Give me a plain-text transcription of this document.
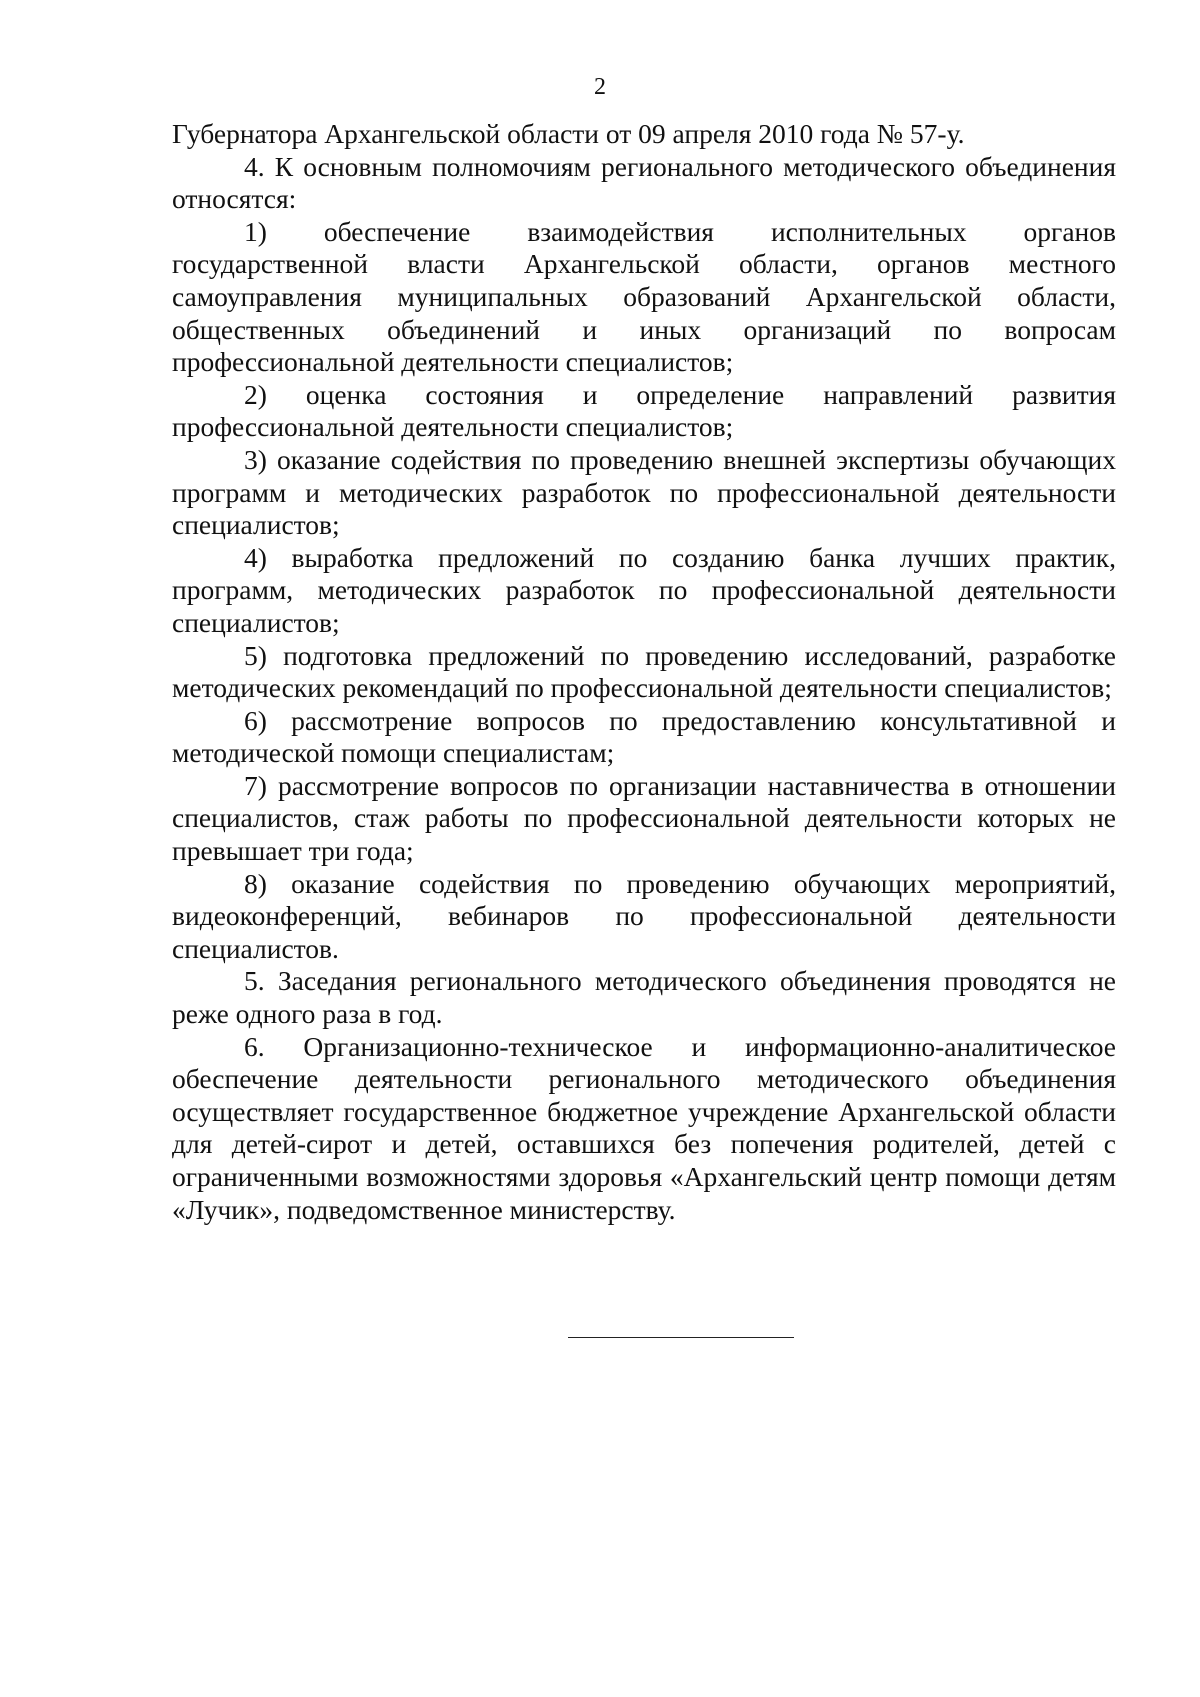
2

Губернатора Архангельской области от 09 апреля 2010 года № 57-у.

4. К основным полномочиям регионального методического объединения относятся:

1) обеспечение взаимодействия исполнительных органов государственной власти Архангельской области, органов местного самоуправления муниципальных образований Архангельской области, общественных объединений и иных организаций по вопросам профессиональной деятельности специалистов;

2) оценка состояния и определение направлений развития профессиональной деятельности специалистов;

3) оказание содействия по проведению внешней экспертизы обучающих программ и методических разработок по профессиональной деятельности специалистов;

4) выработка предложений по созданию банка лучших практик, программ, методических разработок по профессиональной деятельности специалистов;

5) подготовка предложений по проведению исследований, разработке методических рекомендаций по профессиональной деятельности специалистов;

6) рассмотрение вопросов по предоставлению консультативной и методической помощи специалистам;

7) рассмотрение вопросов по организации наставничества в отношении специалистов, стаж работы по профессиональной деятельности которых не превышает три года;

8) оказание содействия по проведению обучающих мероприятий, видеоконференций, вебинаров по профессиональной деятельности специалистов.

5. Заседания регионального методического объединения проводятся не реже одного раза в год.

6. Организационно-техническое и информационно-аналитическое обеспечение деятельности регионального методического объединения осуществляет государственное бюджетное учреждение Архангельской области для детей-сирот и детей, оставшихся без попечения родителей, детей с ограниченными возможностями здоровья «Архангельский центр помощи детям «Лучик», подведомственное министерству.
